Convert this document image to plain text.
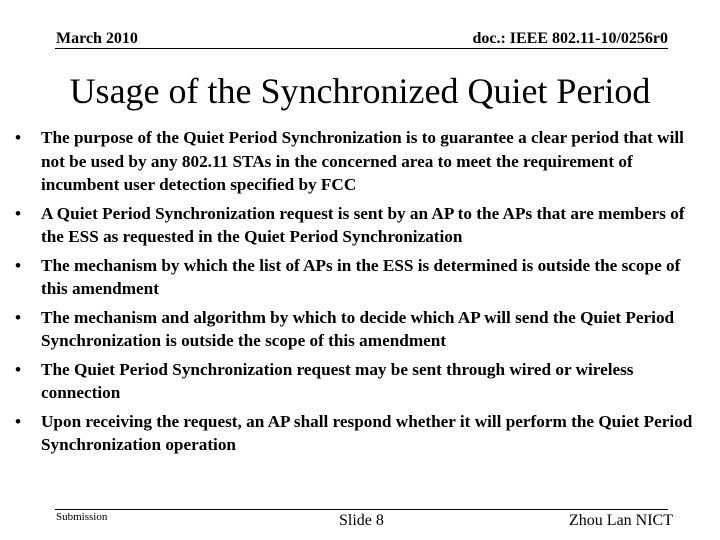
March 2010	doc.: IEEE 802.11-10/0256r0
Usage of the Synchronized Quiet Period
•	The purpose of the Quiet Period Synchronization is to guarantee a clear period that will not be used by any 802.11 STAs in the concerned area to meet the requirement of incumbent user detection specified by FCC
•	A Quiet Period Synchronization request is sent by an AP to the APs that are members of the ESS as requested in the Quiet Period Synchronization
•	The mechanism by which the list of APs in the ESS is determined is outside the scope of this amendment
•	The mechanism and algorithm by which to decide which AP will send the Quiet Period Synchronization is outside the scope of this amendment
•	The Quiet Period Synchronization request may be sent through wired or wireless connection
•	Upon receiving the request, an AP shall respond whether it will perform the Quiet Period Synchronization operation
Submission	Slide 8	Zhou Lan NICT
